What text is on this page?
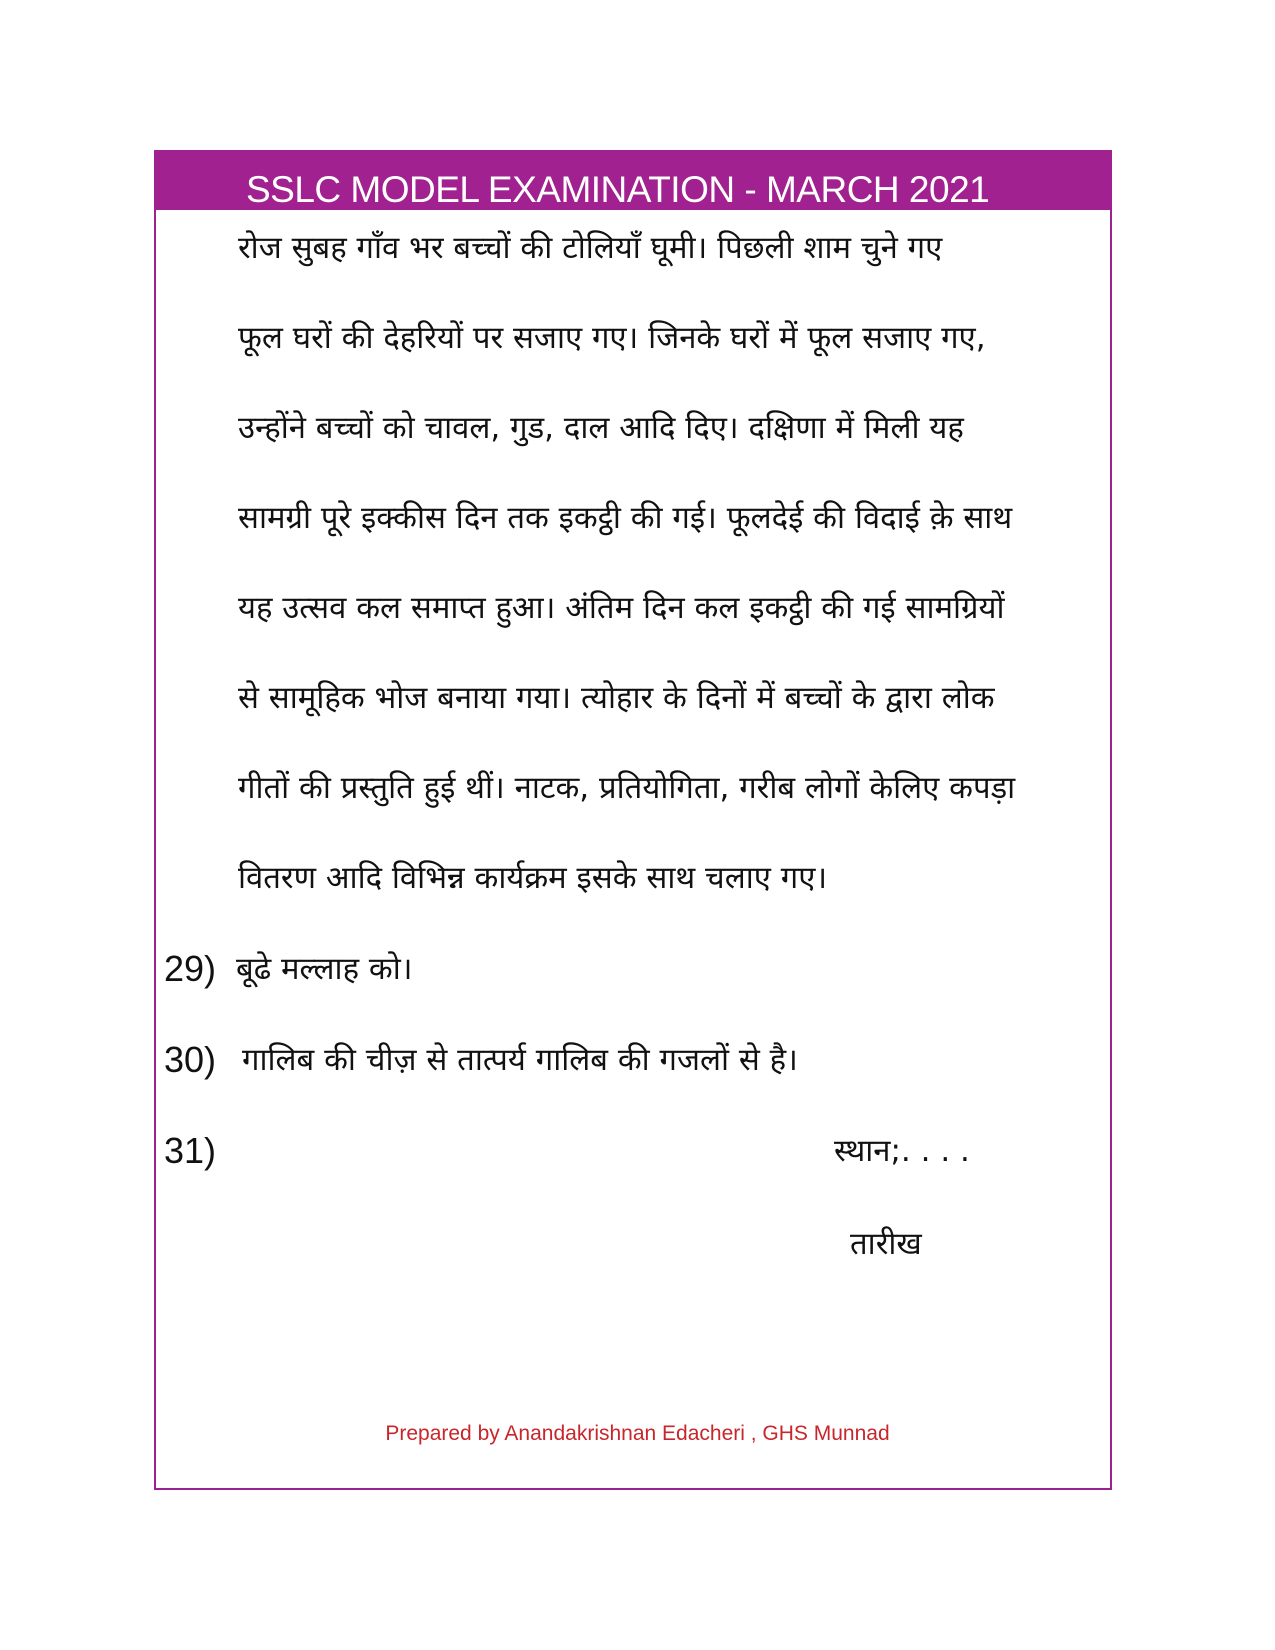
SSLC MODEL EXAMINATION - MARCH 2021
रोज सुबह गाँव भर बच्चों की टोलियाँ घूमी। पिछली शाम चुने गए
फूल घरों की देहरियों पर सजाए गए। जिनके घरों में फूल सजाए गए,
उन्होंने बच्चों को चावल, गुड, दाल आदि दिए। दक्षिणा में मिली यह
सामग्री पूरे इक्कीस दिन तक इकट्ठी की गई। फूलदेई की विदाई क़े साथ
यह उत्सव कल समाप्त हुआ। अंतिम दिन कल इकट्ठी की गई सामग्रियों
से सामूहिक भोज बनाया गया। त्योहार के दिनों में बच्चों के द्वारा लोक
गीतों की प्रस्तुति हुई थीं। नाटक, प्रतियोगिता, गरीब लोगों केलिए कपड़ा
वितरण आदि विभिन्न कार्यक्रम इसके साथ चलाए गए।
29) बूढे मल्लाह को।
30) गालिब की चीज़ से तात्पर्य गालिब की गजलों से है।
31)	स्थान;. . . .
तारीख
Prepared by Anandakrishnan Edacheri , GHS Munnad
